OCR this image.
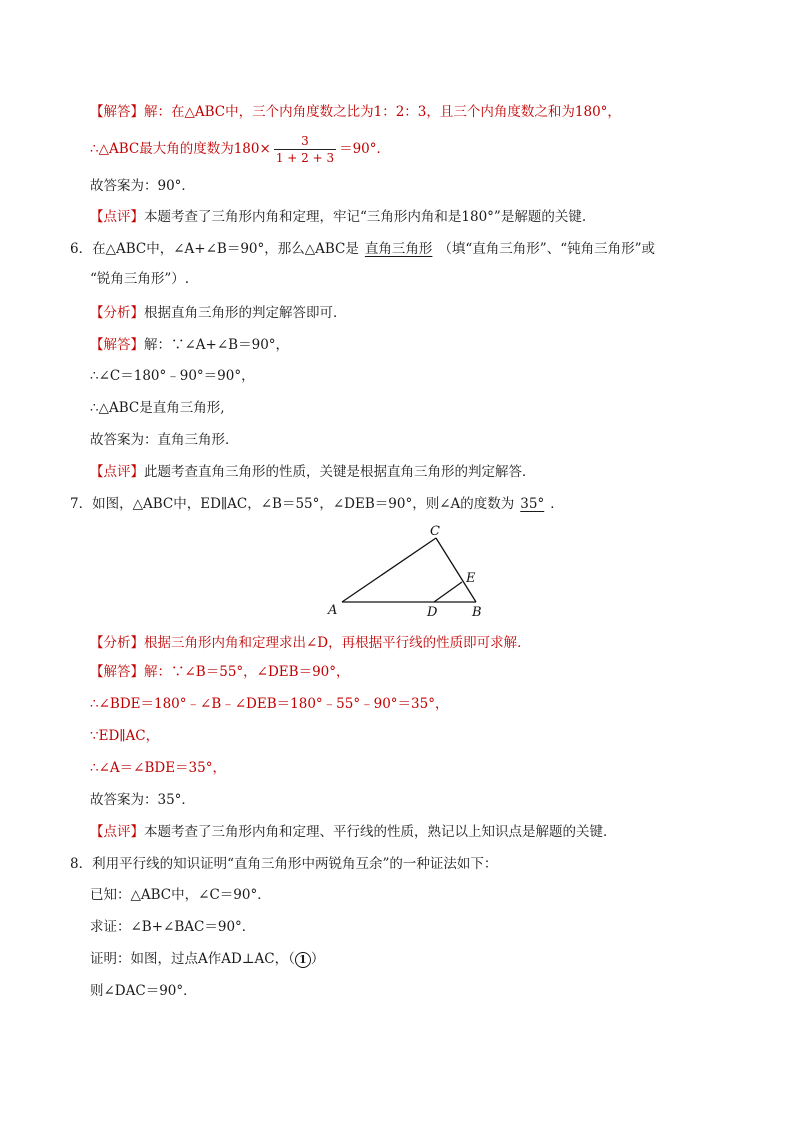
【解答】解：在△ABC中，三个内角度数之比为1：2：3，且三个内角度数之和为180°，
∴△ABC最大角的度数为$180\times \frac{3}{1 + 2 + 3} =90^\circ$．
故答案为：90°．
【点评】本题考查了三角形内角和定理，牢记“三角形内角和是180°”是解题的关键.
6．在△ABC中，∠A+∠B＝90°，那么△ABC是直角三角形（填“直角三角形”、“钝角三角形”或
“锐角三角形”）.
【分析】根据直角三角形的判定解答即可．
【解答】解：∵∠A+∠B＝90°，
∴∠C＝180°﹣90°＝90°，
∴△ABC是直角三角形,
故答案为：直角三角形．
【点评】此题考查直角三角形的性质，关键是根据直角三角形的判定解答．
7．如图，△ABC中，ED∥AC，∠B＝55°，∠DEB＝90°，则∠A的度数为35°．
C
E
A	D	B
【分析】根据三角形内角和定理求出∠D，再根据平行线的性质即可求解．
【解答】解：∵∠B＝55°，∠DEB＝90°，
∴∠BDE＝180°﹣∠B﹣∠DEB＝180°﹣55°﹣90°＝35°，
∵ED∥AC，
∴∠A＝∠BDE＝35°，
故答案为：35°．
【点评】本题考查了三角形内角和定理、平行线的性质，熟记以上知识点是解题的关键．
8．利用平行线的知识证明“直角三角形中两锐角互余”的一种证法如下：
已知：△ABC中，∠C＝90°．
求证：∠B+∠BAC＝90°．
证明：如图，过点A作AD⊥AC，（ 1 ）
则∠DAC＝90°．
